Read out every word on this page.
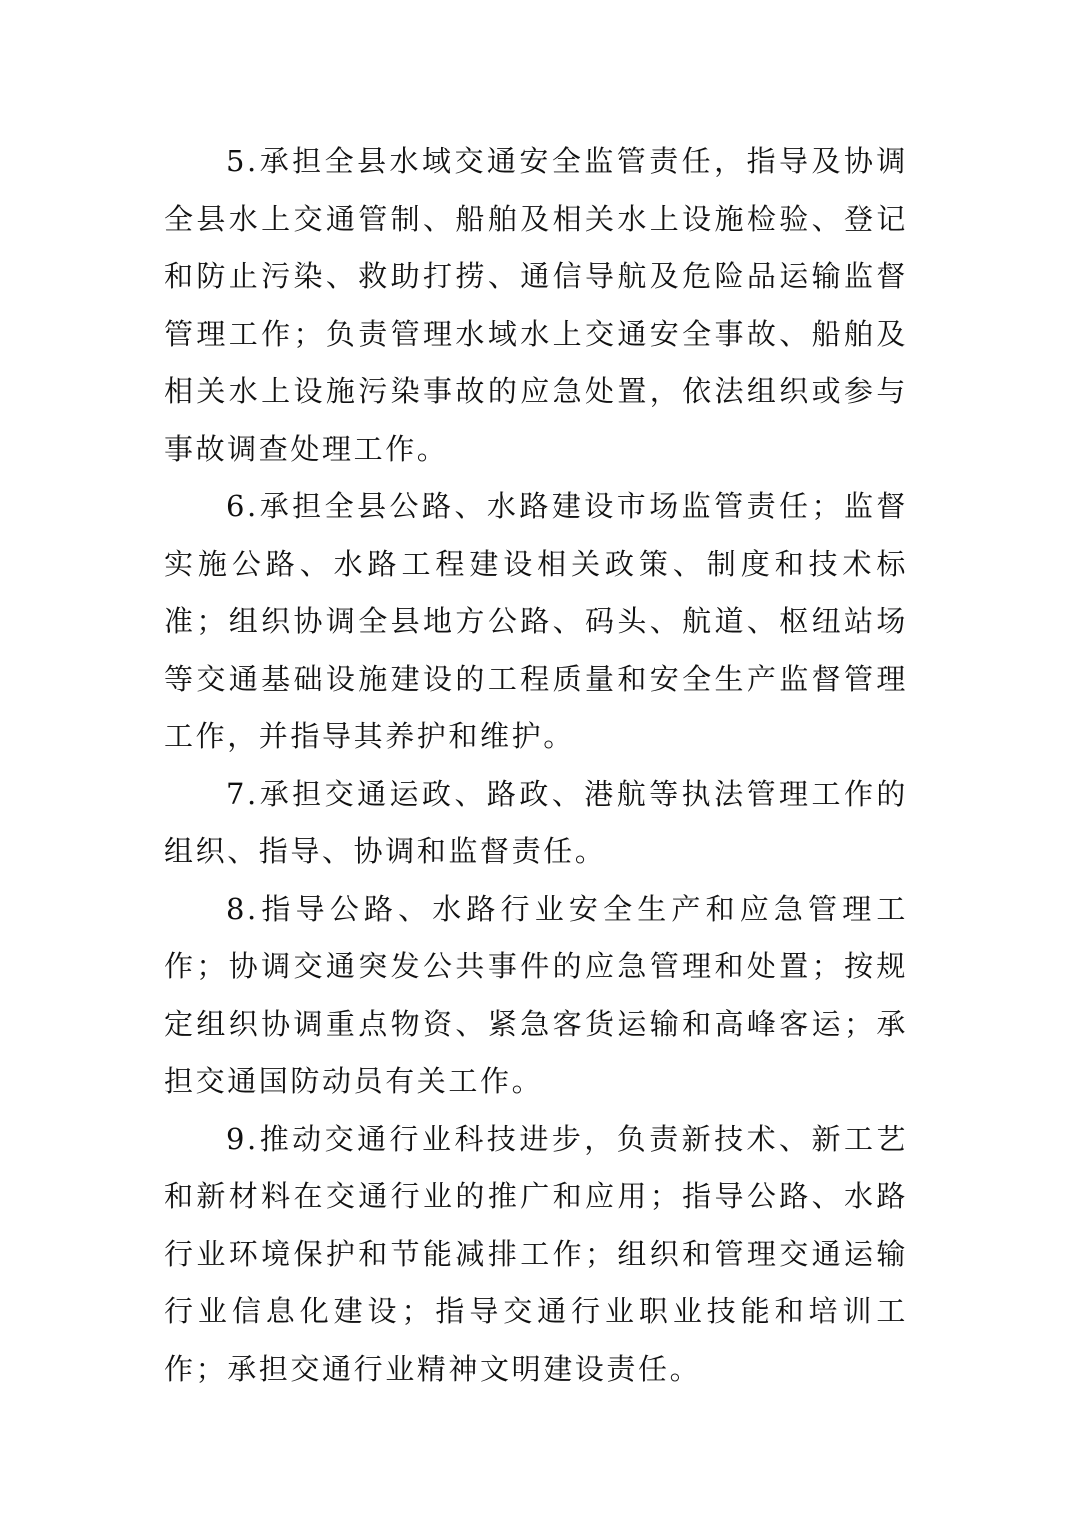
5.承担全县水域交通安全监管责任，指导及协调全县水上交通管制、船舶及相关水上设施检验、登记和防止污染、救助打捞、通信导航及危险品运输监督管理工作；负责管理水域水上交通安全事故、船舶及相关水上设施污染事故的应急处置，依法组织或参与事故调查处理工作。

6.承担全县公路、水路建设市场监管责任；监督实施公路、水路工程建设相关政策、制度和技术标准；组织协调全县地方公路、码头、航道、枢纽站场等交通基础设施建设的工程质量和安全生产监督管理工作，并指导其养护和维护。

7.承担交通运政、路政、港航等执法管理工作的组织、指导、协调和监督责任。

8.指导公路、水路行业安全生产和应急管理工作；协调交通突发公共事件的应急管理和处置；按规定组织协调重点物资、紧急客货运输和高峰客运；承担交通国防动员有关工作。

9.推动交通行业科技进步，负责新技术、新工艺和新材料在交通行业的推广和应用；指导公路、水路行业环境保护和节能减排工作；组织和管理交通运输行业信息化建设；指导交通行业职业技能和培训工作；承担交通行业精神文明建设责任。
